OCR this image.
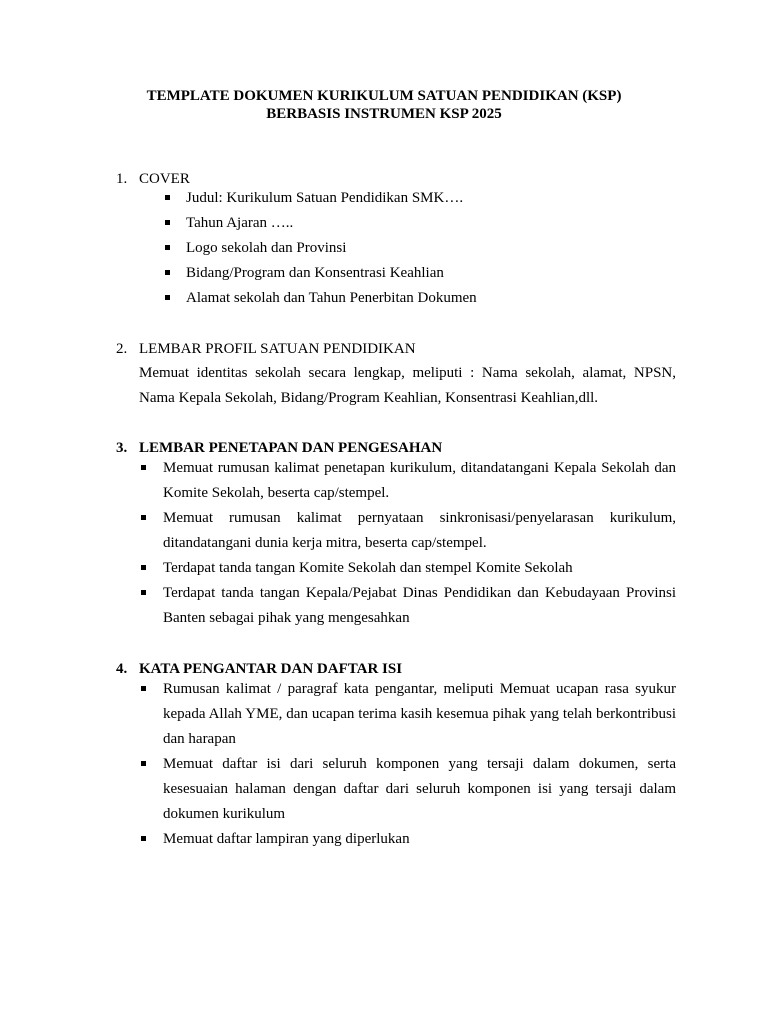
TEMPLATE DOKUMEN KURIKULUM SATUAN PENDIDIKAN (KSP)
BERBASIS INSTRUMEN KSP 2025
1. COVER
Judul: Kurikulum Satuan Pendidikan SMK….
Tahun Ajaran …..
Logo sekolah dan Provinsi
Bidang/Program dan Konsentrasi Keahlian
Alamat sekolah dan Tahun Penerbitan Dokumen
2. LEMBAR PROFIL SATUAN PENDIDIKAN
Memuat identitas sekolah secara lengkap, meliputi : Nama sekolah, alamat, NPSN, Nama Kepala Sekolah, Bidang/Program Keahlian, Konsentrasi Keahlian,dll.
3. LEMBAR PENETAPAN DAN PENGESAHAN
Memuat rumusan kalimat penetapan kurikulum, ditandatangani Kepala Sekolah dan Komite Sekolah, beserta cap/stempel.
Memuat rumusan kalimat pernyataan sinkronisasi/penyelarasan kurikulum, ditandatangani dunia kerja mitra, beserta cap/stempel.
Terdapat tanda tangan Komite Sekolah dan stempel Komite Sekolah
Terdapat tanda tangan Kepala/Pejabat Dinas Pendidikan dan Kebudayaan Provinsi Banten sebagai pihak yang mengesahkan
4. KATA PENGANTAR DAN DAFTAR ISI
Rumusan kalimat / paragraf kata pengantar, meliputi Memuat ucapan rasa syukur kepada Allah YME, dan ucapan terima kasih kesemua pihak yang telah berkontribusi dan harapan
Memuat daftar isi dari seluruh komponen yang tersaji dalam dokumen, serta kesesuaian halaman dengan daftar dari seluruh komponen isi yang tersaji dalam dokumen kurikulum
Memuat daftar lampiran yang diperlukan
